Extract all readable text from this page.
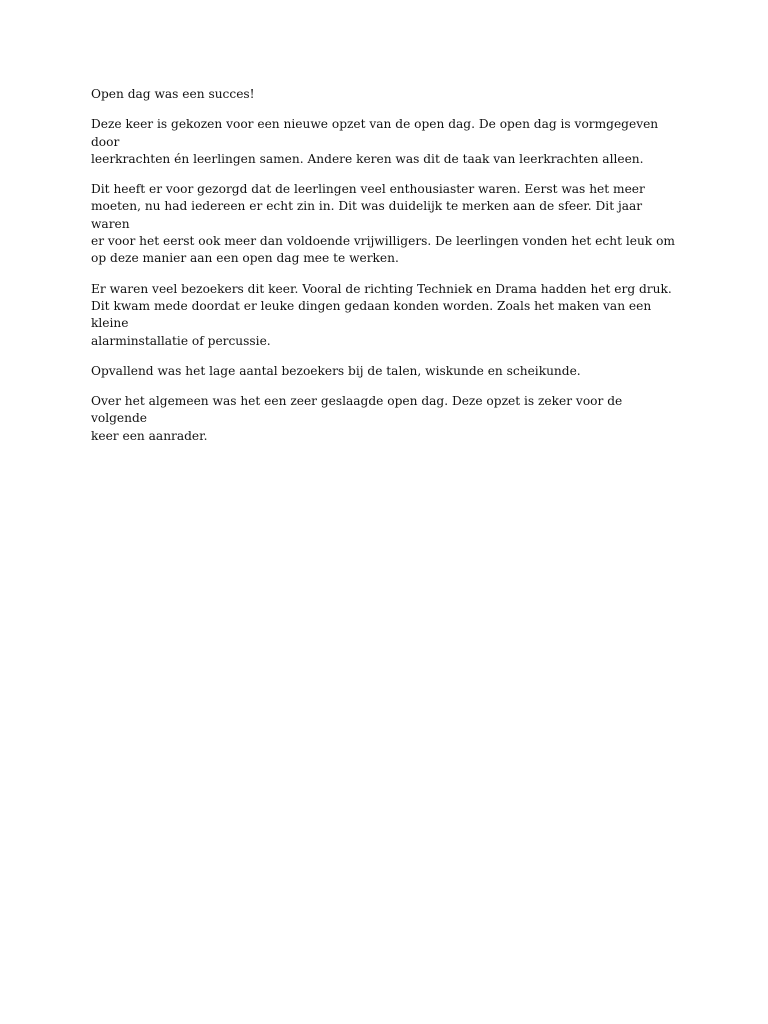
Open dag was een succes!

Deze keer is gekozen voor een nieuwe opzet van de open dag. De open dag is vormgegeven door
leerkrachten én leerlingen samen. Andere keren was dit de taak van leerkrachten alleen.

Dit heeft er voor gezorgd dat de leerlingen veel enthousiaster waren. Eerst was het meer
moeten, nu had iedereen er echt zin in. Dit was duidelijk te merken aan de sfeer. Dit jaar waren
er voor het eerst ook meer dan voldoende vrijwilligers. De leerlingen vonden het echt leuk om
op deze manier aan een open dag mee te werken.

Er waren veel bezoekers dit keer. Vooral de richting Techniek en Drama hadden het erg druk.
Dit kwam mede doordat er leuke dingen gedaan konden worden. Zoals het maken van een kleine
alarminstallatie of percussie.

Opvallend was het lage aantal bezoekers bij de talen, wiskunde en scheikunde.

Over het algemeen was het een zeer geslaagde open dag. Deze opzet is zeker voor de volgende
keer een aanrader.
